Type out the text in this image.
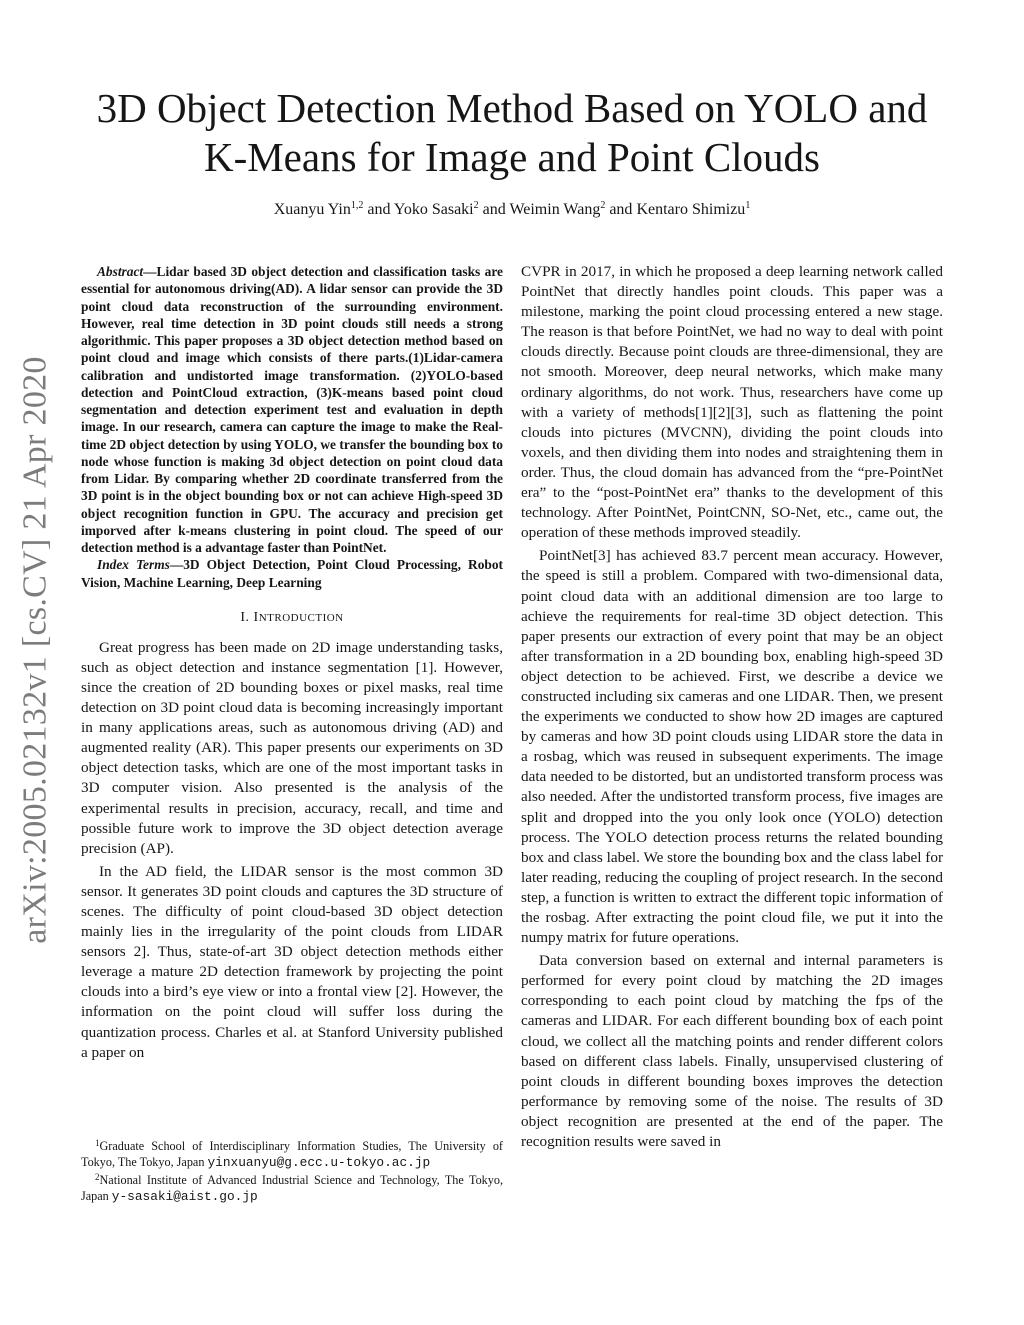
arXiv:2005.02132v1 [cs.CV] 21 Apr 2020
3D Object Detection Method Based on YOLO and
K-Means for Image and Point Clouds

Xuanyu Yin$^{1,2}$ and Yoko Sasaki$^2$ and Weimin Wang$^2$ and Kentaro Shimizu$^1$

Abstract—Lidar based 3D object detection and classification tasks are essential for autonomous driving(AD). A lidar sensor can provide the 3D point cloud data reconstruction of the surrounding environment. However, real time detection in 3D point clouds still needs a strong algorithmic. This paper proposes a 3D object detection method based on point cloud and image which consists of there parts.(1)Lidar-camera calibration and undistorted image transformation. (2)YOLO-based detection and PointCloud extraction, (3)K-means based point cloud segmentation and detection experiment test and evaluation in depth image. In our research, camera can capture the image to make the Real-time 2D object detection by using YOLO, we transfer the bounding box to node whose function is making 3d object detection on point cloud data from Lidar. By comparing whether 2D coordinate transferred from the 3D point is in the object bounding box or not can achieve High-speed 3D object recognition function in GPU. The accuracy and precision get imporved after k-means clustering in point cloud. The speed of our detection method is a advantage faster than PointNet.

Index Terms—3D Object Detection, Point Cloud Processing, Robot Vision, Machine Learning, Deep Learning

I. INTRODUCTION

Great progress has been made on 2D image understanding tasks, such as object detection and instance segmentation [1]. However, since the creation of 2D bounding boxes or pixel masks, real time detection on 3D point cloud data is becoming increasingly important in many applications areas, such as autonomous driving (AD) and augmented reality (AR). This paper presents our experiments on 3D object detection tasks, which are one of the most important tasks in 3D computer vision. Also presented is the analysis of the experimental results in precision, accuracy, recall, and time and possible future work to improve the 3D object detection average precision (AP).

In the AD field, the LIDAR sensor is the most common 3D sensor. It generates 3D point clouds and captures the 3D structure of scenes. The difficulty of point cloud-based 3D object detection mainly lies in the irregularity of the point clouds from LIDAR sensors 2]. Thus, state-of-art 3D object detection methods either leverage a mature 2D detection framework by projecting the point clouds into a bird’s eye view or into a frontal view [2]. However, the information on the point cloud will suffer loss during the quantization process. Charles et al. at Stanford University published a paper on

$^1$Graduate School of Interdisciplinary Information Studies, The University of Tokyo, The Tokyo, Japan yinxuanyu@g.ecc.u-tokyo.ac.jp

$^2$National Institute of Advanced Industrial Science and Technology, The Tokyo, Japan y-sasaki@aist.go.jp

CVPR in 2017, in which he proposed a deep learning network called PointNet that directly handles point clouds. This paper was a milestone, marking the point cloud processing entered a new stage. The reason is that before PointNet, we had no way to deal with point clouds directly. Because point clouds are three-dimensional, they are not smooth. Moreover, deep neural networks, which make many ordinary algorithms, do not work. Thus, researchers have come up with a variety of methods[1][2][3], such as flattening the point clouds into pictures (MVCNN), dividing the point clouds into voxels, and then dividing them into nodes and straightening them in order. Thus, the cloud domain has advanced from the “pre-PointNet era” to the “post-PointNet era” thanks to the development of this technology. After PointNet, PointCNN, SO-Net, etc., came out, the operation of these methods improved steadily.

PointNet[3] has achieved 83.7 percent mean accuracy. However, the speed is still a problem. Compared with two-dimensional data, point cloud data with an additional dimension are too large to achieve the requirements for real-time 3D object detection. This paper presents our extraction of every point that may be an object after transformation in a 2D bounding box, enabling high-speed 3D object detection to be achieved. First, we describe a device we constructed including six cameras and one LIDAR. Then, we present the experiments we conducted to show how 2D images are captured by cameras and how 3D point clouds using LIDAR store the data in a rosbag, which was reused in subsequent experiments. The image data needed to be distorted, but an undistorted transform process was also needed. After the undistorted transform process, five images are split and dropped into the you only look once (YOLO) detection process. The YOLO detection process returns the related bounding box and class label. We store the bounding box and the class label for later reading, reducing the coupling of project research. In the second step, a function is written to extract the different topic information of the rosbag. After extracting the point cloud file, we put it into the numpy matrix for future operations.

Data conversion based on external and internal parameters is performed for every point cloud by matching the 2D images corresponding to each point cloud by matching the fps of the cameras and LIDAR. For each different bounding box of each point cloud, we collect all the matching points and render different colors based on different class labels. Finally, unsupervised clustering of point clouds in different bounding boxes improves the detection performance by removing some of the noise. The results of 3D object recognition are presented at the end of the paper. The recognition results were saved in
